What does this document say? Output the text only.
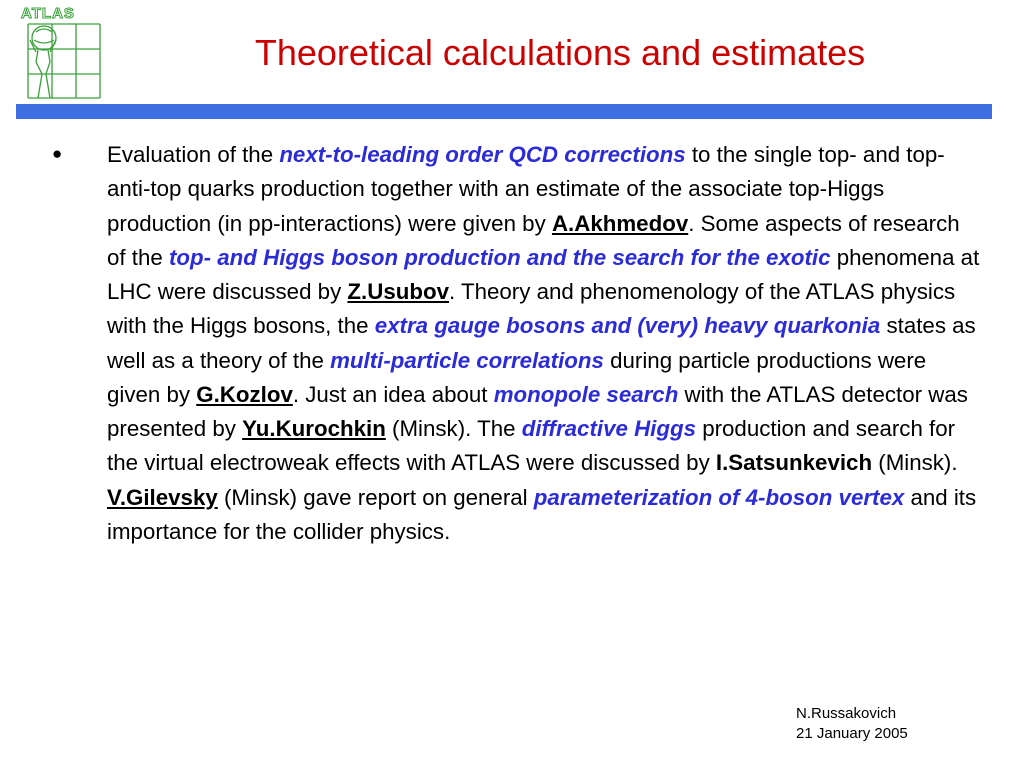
ATLAS
Theoretical calculations and estimates
● Evaluation of the next-to-leading order QCD corrections to the single top- and top-anti-top quarks production together with an estimate of the associate top-Higgs production (in pp-interactions) were given by A.Akhmedov. Some aspects of research of the top- and Higgs boson production and the search for the exotic phenomena at LHC were discussed by Z.Usubov. Theory and phenomenology of the ATLAS physics with the Higgs bosons, the extra gauge bosons and (very) heavy quarkonia states as well as a theory of the multi-particle correlations during particle productions were given by G.Kozlov. Just an idea about monopole search with the ATLAS detector was presented by Yu.Kurochkin (Minsk). The diffractive Higgs production and search for the virtual electroweak effects with ATLAS were discussed by I.Satsunkevich (Minsk). V.Gilevsky (Minsk) gave report on general parameterization of 4-boson vertex and its importance for the collider physics.

N.Russakovich
21 January 2005
